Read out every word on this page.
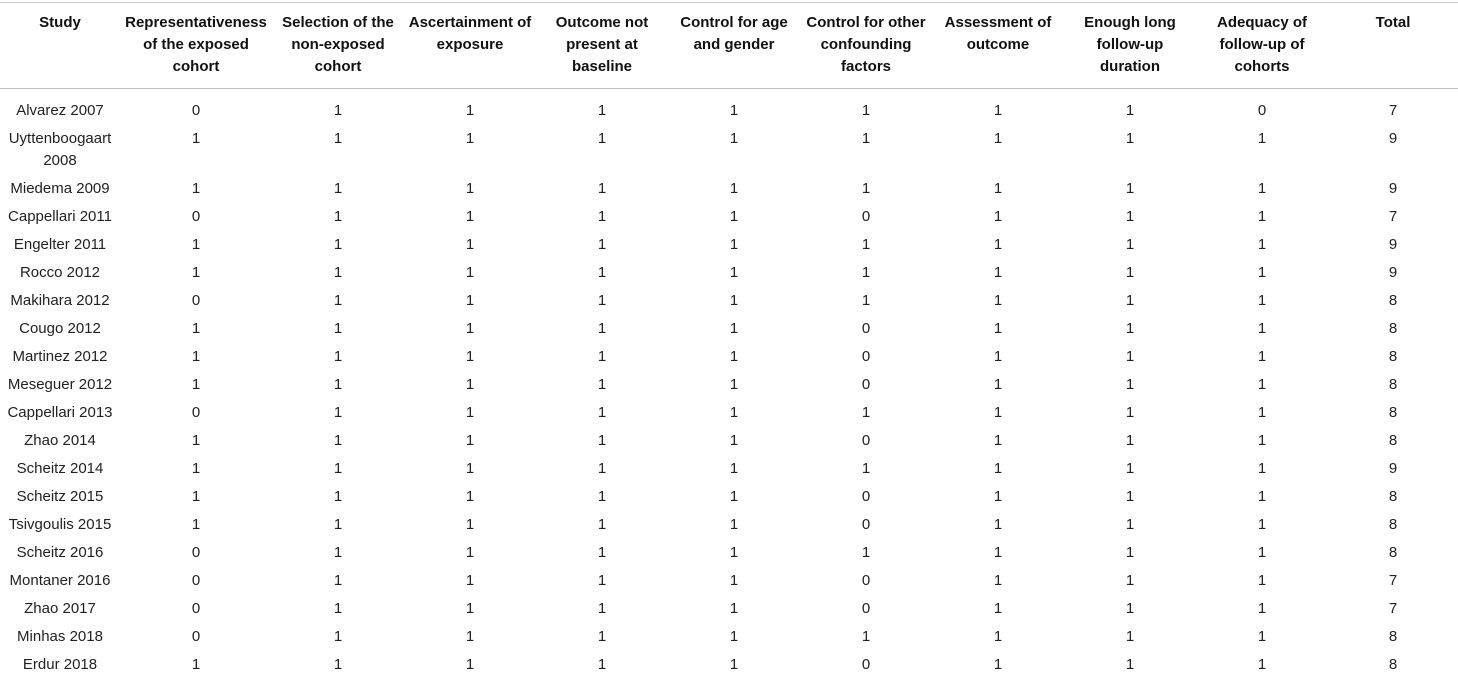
Study	Representativeness of the exposed cohort	Selection of the non-exposed cohort	Ascertainment of exposure	Outcome not present at baseline	Control for age and gender	Control for other confounding factors	Assessment of outcome	Enough long follow-up duration	Adequacy of follow-up of cohorts	Total
Alvarez 2007	0	1	1	1	1	1	1	1	0	7
Uyttenboogaart 2008	1	1	1	1	1	1	1	1	1	9
Miedema 2009	1	1	1	1	1	1	1	1	1	9
Cappellari 2011	0	1	1	1	1	0	1	1	1	7
Engelter 2011	1	1	1	1	1	1	1	1	1	9
Rocco 2012	1	1	1	1	1	1	1	1	1	9
Makihara 2012	0	1	1	1	1	1	1	1	1	8
Cougo 2012	1	1	1	1	1	0	1	1	1	8
Martinez 2012	1	1	1	1	1	0	1	1	1	8
Meseguer 2012	1	1	1	1	1	0	1	1	1	8
Cappellari 2013	0	1	1	1	1	1	1	1	1	8
Zhao 2014	1	1	1	1	1	0	1	1	1	8
Scheitz 2014	1	1	1	1	1	1	1	1	1	9
Scheitz 2015	1	1	1	1	1	0	1	1	1	8
Tsivgoulis 2015	1	1	1	1	1	0	1	1	1	8
Scheitz 2016	0	1	1	1	1	1	1	1	1	8
Montaner 2016	0	1	1	1	1	0	1	1	1	7
Zhao 2017	0	1	1	1	1	0	1	1	1	7
Minhas 2018	0	1	1	1	1	1	1	1	1	8
Erdur 2018	1	1	1	1	1	0	1	1	1	8
